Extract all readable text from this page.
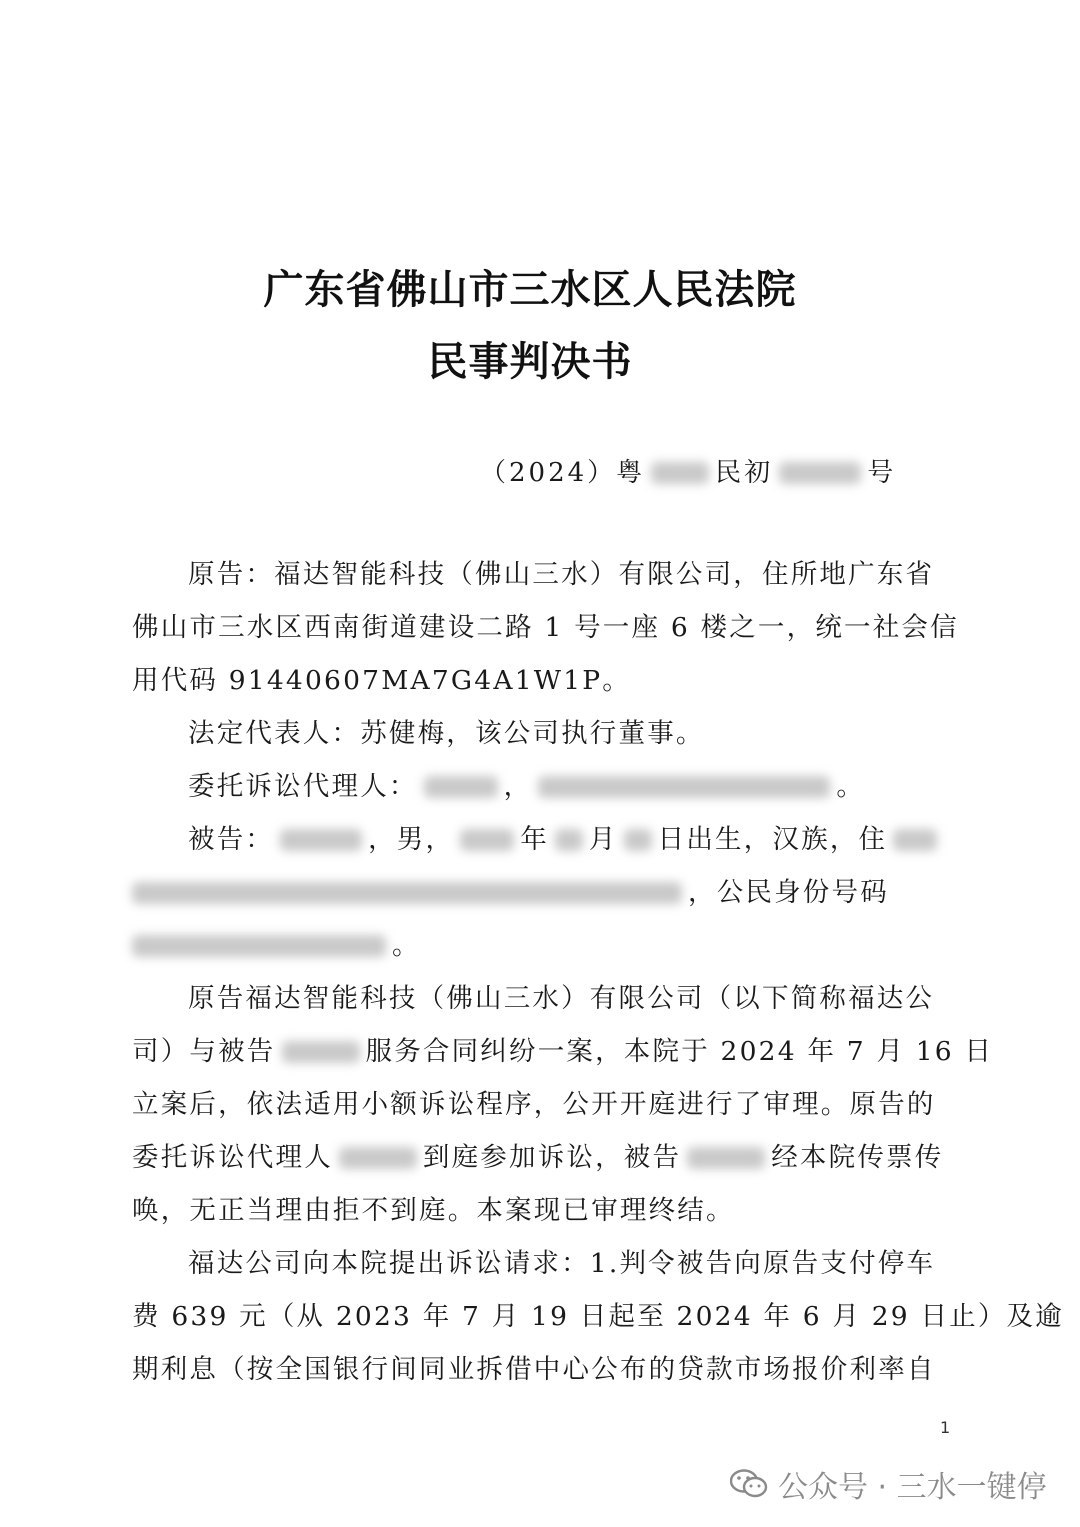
广东省佛山市三水区人民法院
民事判决书
（2024）粤	民初	号
原告：福达智能科技（佛山三水）有限公司，住所地广东省
佛山市三水区西南街道建设二路 1 号一座 6 楼之一，统一社会信
用代码 91440607MA7G4A1W1P。
法定代表人：苏健梅，该公司执行董事。
委托诉讼代理人：	，	。
被告：	，男， 年 月 日出生，汉族，住
，公民身份号码
。
原告福达智能科技（佛山三水）有限公司（以下简称福达公
司）与被告	服务合同纠纷一案，本院于 2024 年 7 月 16 日
立案后，依法适用小额诉讼程序，公开开庭进行了审理。原告的
委托诉讼代理人	到庭参加诉讼，被告	经本院传票传
唤，无正当理由拒不到庭。本案现已审理终结。
福达公司向本院提出诉讼请求：1.判令被告向原告支付停车
费 639 元（从 2023 年 7 月 19 日起至 2024 年 6 月 29 日止）及逾
期利息（按全国银行间同业拆借中心公布的贷款市场报价利率自
1
公众号 · 三水一键停
